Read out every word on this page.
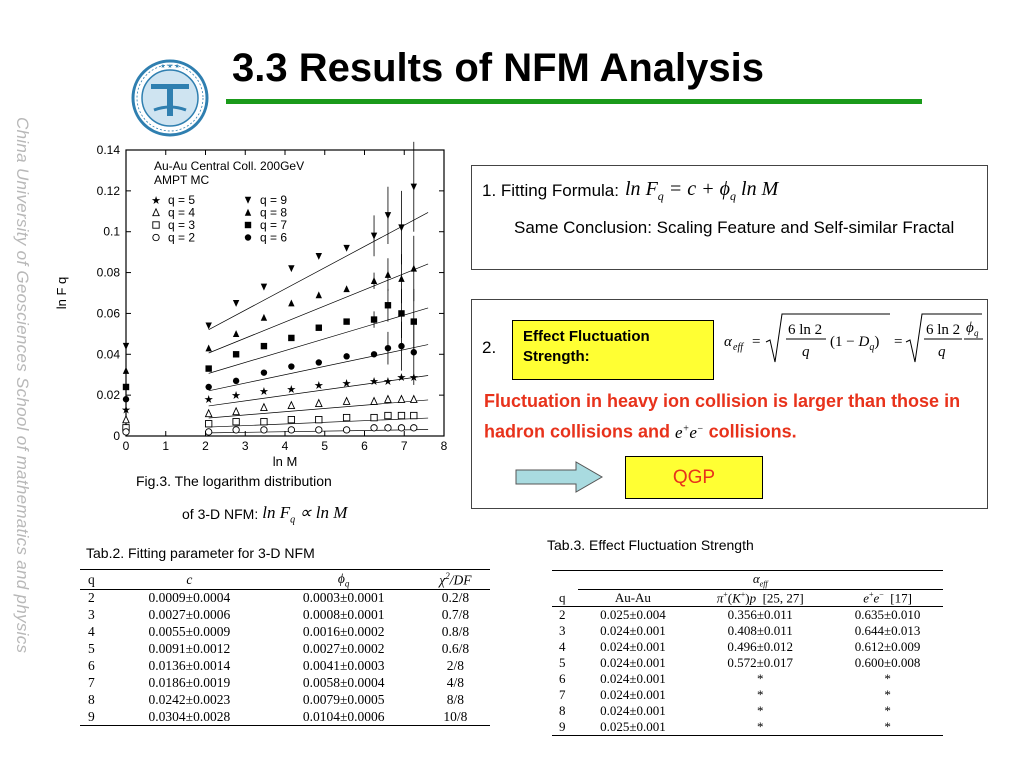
China University of Geosciences School of mathematics and physics
★ ★ ★ 3.3 Results of NFM Analysis
0
0.02
0.04
0.06
0.08
0.1
0.12
0.14
0	1	2	3	4	5	6	7	8
ln M
ln F q
Au-Au Central Coll. 200GeV
AMPT MC
★ q = 5	q = 9
q = 4	q = 8
q = 3	q = 7
q = 2	q = 6
★
★ ★ ★ ★ ★ ★ ★ ★ ★ ★
Fig.3. The logarithm distribution
of 3-D NFM: $\ln F_q \propto \ln M$
1. Fitting Formula: $\ln F_q = c + \phi_q$ ln M
Same Conclusion: Scaling Feature and Self-similar Fractal
2.
Effect Fluctuation Strength:
α eff =
6 ln 2
q
$(1 - D_q)$ =
6 ln 2
q
ϕ q
Fluctuation in heavy ion collision is larger than those in hadron collisions and e+e− collisions.
QGP
Tab.2. Fitting parameter for 3-D NFM
q	c	$\phi_q$	$\chi^2/DF$
2	0.0009±0.0004	0.0003±0.0001	0.2/8
3	0.0027±0.0006	0.0008±0.0001	0.7/8
4	0.0055±0.0009	0.0016±0.0002	0.8/8
5	0.0091±0.0012	0.0027±0.0002	0.6/8
6	0.0136±0.0014	0.0041±0.0003	2/8
7	0.0186±0.0019	0.0058±0.0004	4/8
8	0.0242±0.0023	0.0079±0.0005	8/8
9	0.0304±0.0028	0.0104±0.0006	10/8
Tab.3. Effect Fluctuation Strength
	$\alpha_{eff}$
q	Au-Au	π+(K+)p  [25, 27]	e+e−  [17]
2	0.025±0.004	0.356±0.011	0.635±0.010
3	0.024±0.001	0.408±0.011	0.644±0.013
4	0.024±0.001	0.496±0.012	0.612±0.009
5	0.024±0.001	0.572±0.017	0.600±0.008
6	0.024±0.001	*	*
7	0.024±0.001	*	*
8	0.024±0.001	*	*
9	0.025±0.001	*	*
